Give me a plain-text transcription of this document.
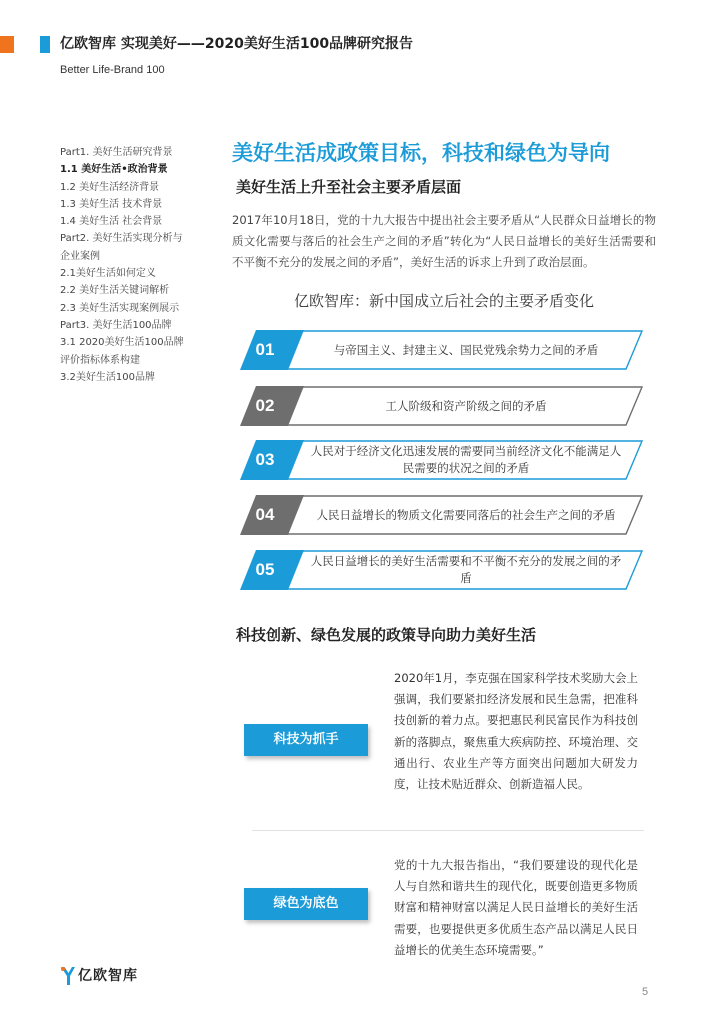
亿欧智库 实现美好——2020美好生活100品牌研究报告
Better Life-Brand 100
Part1. 美好生活研究背景
1.1 美好生活•政治背景
1.2 美好生活经济背景
1.3 美好生活 技术背景
1.4 美好生活 社会背景
Part2. 美好生活实现分析与企业案例
2.1美好生活如何定义
2.2 美好生活关键词解析
2.3 美好生活实现案例展示
Part3. 美好生活100品牌
3.1 2020美好生活100品牌评价指标体系构建
3.2美好生活100品牌
美好生活成政策目标，科技和绿色为导向
美好生活上升至社会主要矛盾层面

2017年10月18日，党的十九大报告中提出社会主要矛盾从“人民群众日益增长的物质文化需要与落后的社会生产之间的矛盾”转化为“人民日益增长的美好生活需要和不平衡不充分的发展之间的矛盾”，美好生活的诉求上升到了政治层面。

亿欧智库：新中国成立后社会的主要矛盾变化
01	与帝国主义、封建主义、国民党残余势力之间的矛盾
02	工人阶级和资产阶级之间的矛盾
03	人民对于经济文化迅速发展的需要同当前经济文化不能满足人民需要的状况之间的矛盾
04	人民日益增长的物质文化需要同落后的社会生产之间的矛盾
05	人民日益增长的美好生活需要和不平衡不充分的发展之间的矛盾
科技创新、绿色发展的政策导向助力美好生活
科技为抓手

2020年1月，李克强在国家科学技术奖励大会上强调，我们要紧扣经济发展和民生急需，把准科技创新的着力点。要把惠民利民富民作为科技创新的落脚点，聚焦重大疾病防控、环境治理、交通出行、农业生产等方面突出问题加大研发力度，让技术贴近群众、创新造福人民。

绿色为底色

党的十九大报告指出，“我们要建设的现代化是人与自然和谐共生的现代化，既要创造更多物质财富和精神财富以满足人民日益增长的美好生活需要，也要提供更多优质生态产品以满足人民日益增长的优美生态环境需要。”

亿欧智库
5
